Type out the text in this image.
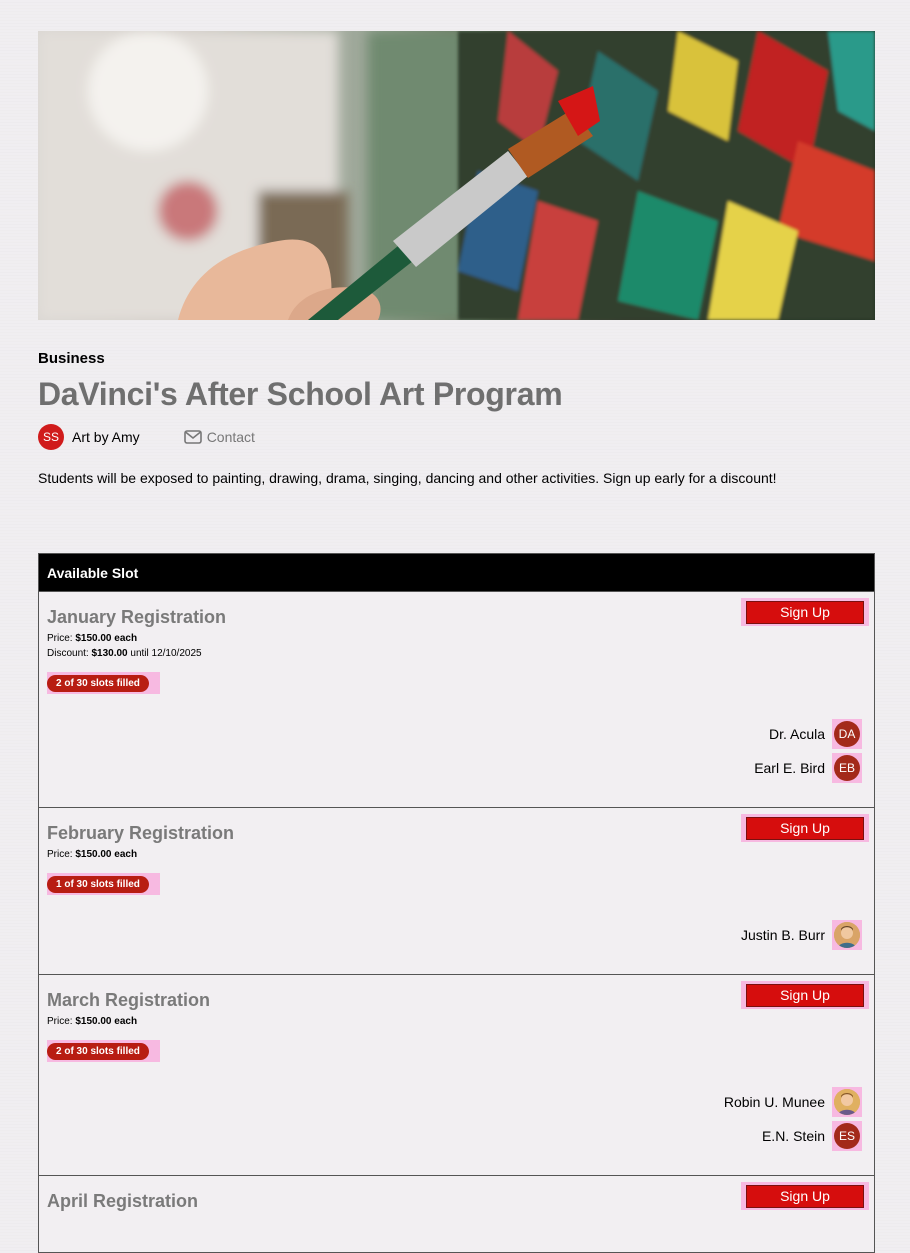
Business
DaVinci's After School Art Program
SS Art by Amy	Contact
Students will be exposed to painting, drawing, drama, singing, dancing and other activities. Sign up early for a discount!
Available Slot
January Registration
Price: $150.00 each
Discount: $130.00 until 12/10/2025
2 of 30 slots filled
Sign Up
Dr. Acula	DA
Earl E. Bird	EB
February Registration
Price: $150.00 each
1 of 30 slots filled
Sign Up
Justin B. Burr
March Registration
Price: $150.00 each
2 of 30 slots filled
Sign Up
Robin U. Munee
E.N. Stein	ES
April Registration	Sign Up
